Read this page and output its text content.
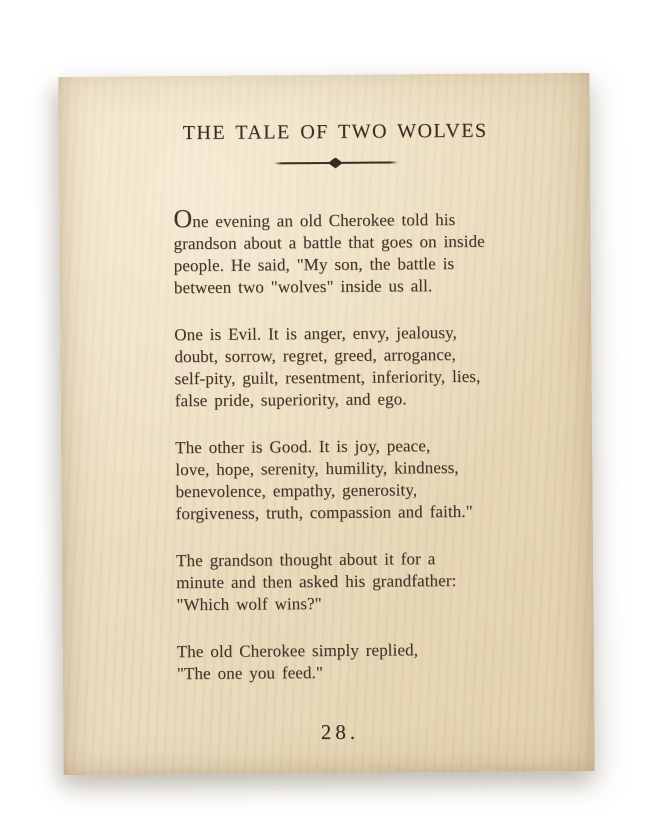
THE TALE OF TWO WOLVES
One evening an old Cherokee told his
grandson about a battle that goes on inside
people. He said, "My son, the battle is
between two "wolves" inside us all.
One is Evil. It is anger, envy, jealousy,
doubt, sorrow, regret, greed, arrogance,
self-pity, guilt, resentment, inferiority, lies,
false pride, superiority, and ego.
The other is Good. It is joy, peace,
love, hope, serenity, humility, kindness,
benevolence, empathy, generosity,
forgiveness, truth, compassion and faith."
The grandson thought about it for a
minute and then asked his grandfather:
"Which wolf wins?"
The old Cherokee simply replied,
"The one you feed."
28.
